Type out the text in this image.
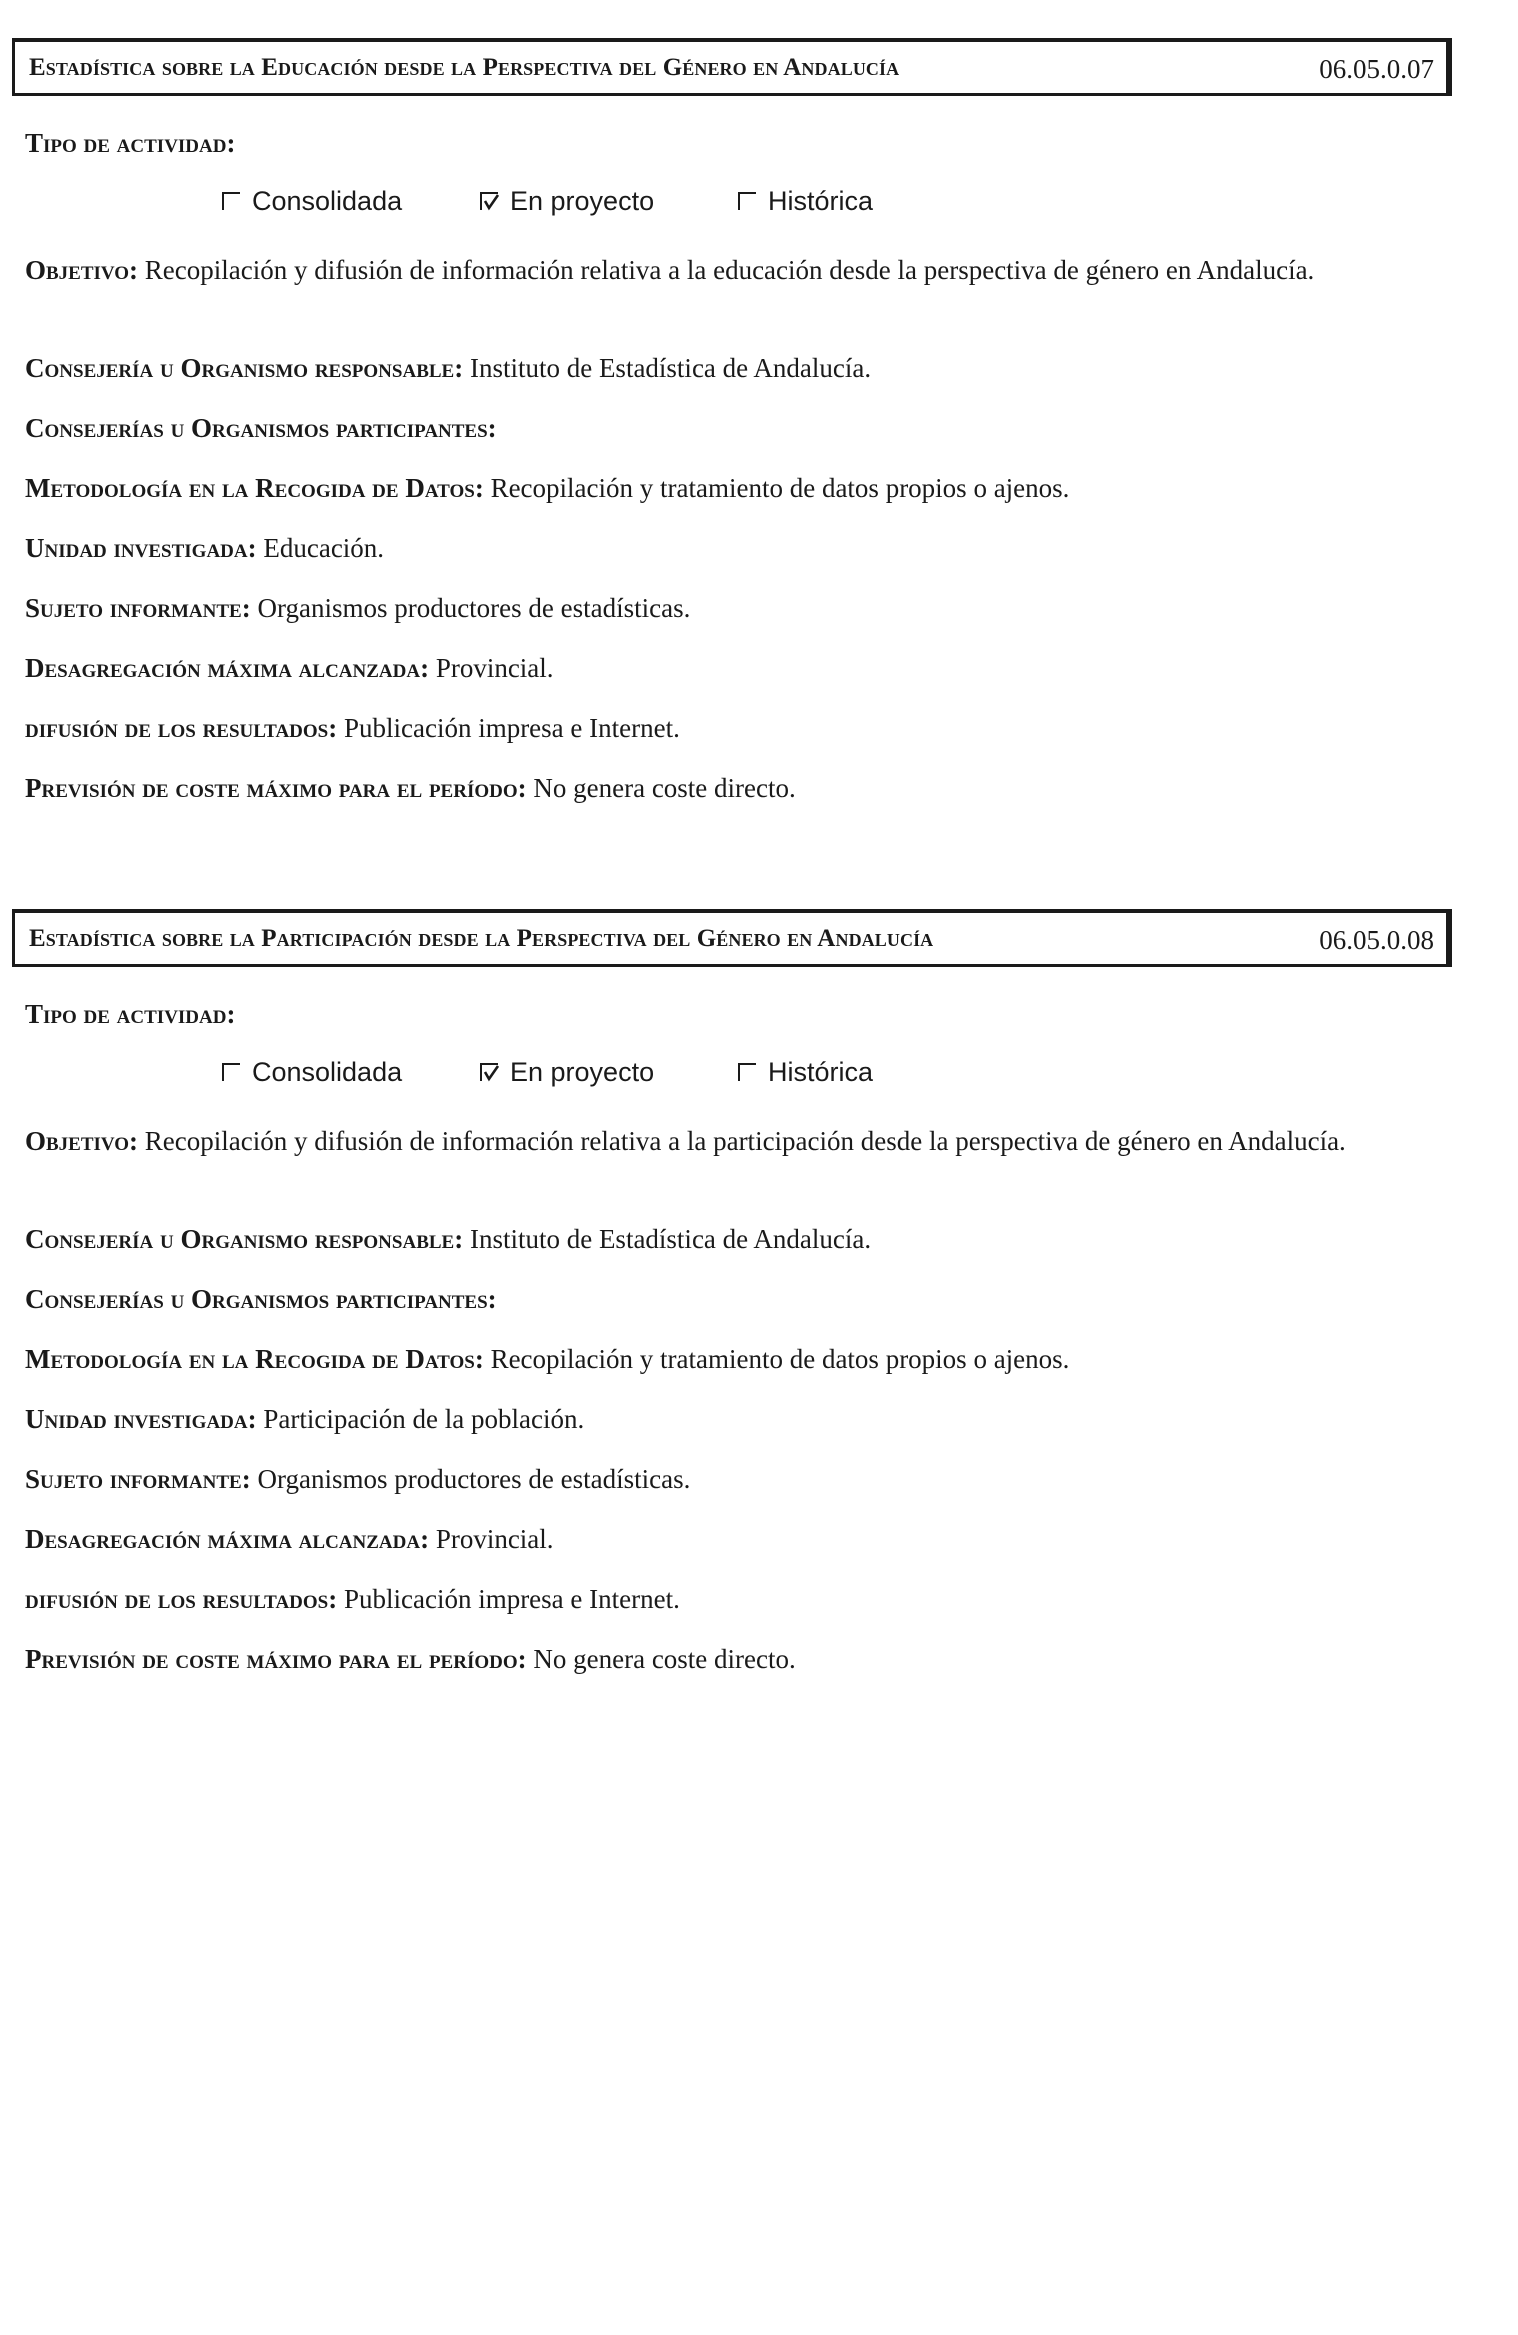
Estadística sobre la Educación desde la Perspectiva del Género en Andalucía	06.05.0.07
Tipo de actividad:
Consolidada	En proyecto	Histórica
Objetivo: Recopilación y difusión de información relativa a la educación desde la perspectiva de género en Andalucía.
Consejería u Organismo responsable: Instituto de Estadística de Andalucía.
Consejerías u Organismos participantes:
Metodología en la Recogida de Datos: Recopilación y tratamiento de datos propios o ajenos.
Unidad investigada: Educación.
Sujeto informante: Organismos productores de estadísticas.
Desagregación máxima alcanzada: Provincial.
difusión de los resultados: Publicación impresa e Internet.
Previsión de coste máximo para el período: No genera coste directo.
Estadística sobre la Participación desde la Perspectiva del Género en Andalucía	06.05.0.08
Tipo de actividad:
Consolidada	En proyecto	Histórica
Objetivo: Recopilación y difusión de información relativa a la participación desde la perspectiva de género en Andalucía.
Consejería u Organismo responsable: Instituto de Estadística de Andalucía.
Consejerías u Organismos participantes:
Metodología en la Recogida de Datos: Recopilación y tratamiento de datos propios o ajenos.
Unidad investigada: Participación de la población.
Sujeto informante: Organismos productores de estadísticas.
Desagregación máxima alcanzada: Provincial.
difusión de los resultados: Publicación impresa e Internet.
Previsión de coste máximo para el período: No genera coste directo.
